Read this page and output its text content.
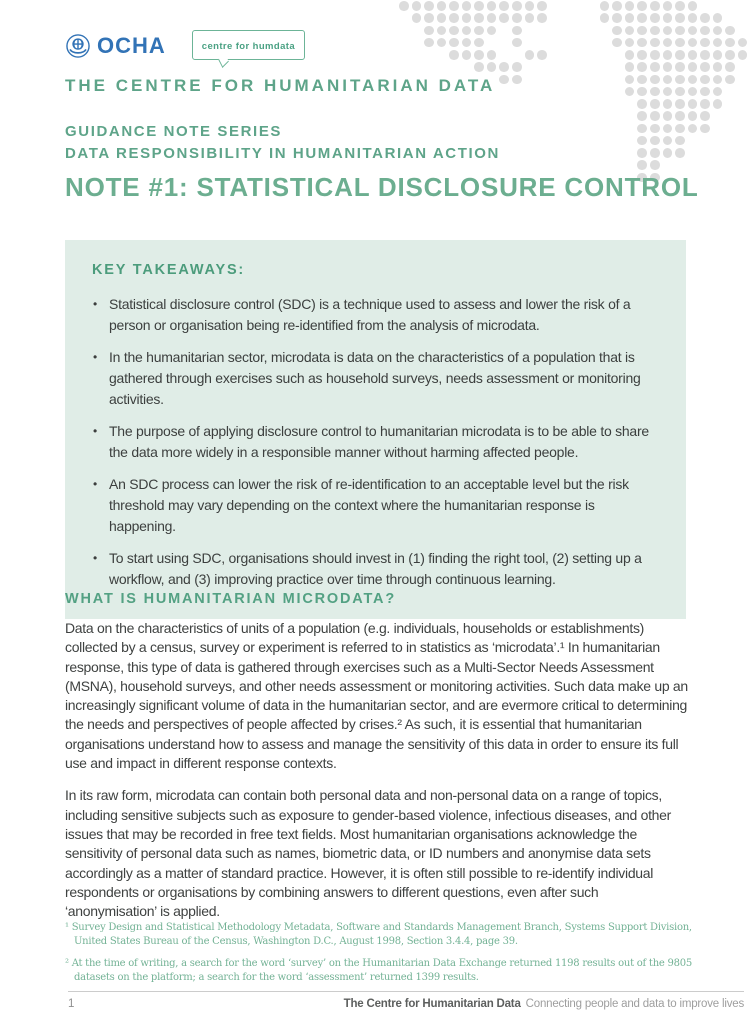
OCHA	centre for humdata
THE CENTRE FOR HUMANITARIAN DATA
GUIDANCE NOTE SERIES
DATA RESPONSIBILITY IN HUMANITARIAN ACTION
NOTE #1: STATISTICAL DISCLOSURE CONTROL
KEY TAKEAWAYS:
• Statistical disclosure control (SDC) is a technique used to assess and lower the risk of a person or organisation being re-identified from the analysis of microdata.
• In the humanitarian sector, microdata is data on the characteristics of a population that is gathered through exercises such as household surveys, needs assessment or monitoring activities.
• The purpose of applying disclosure control to humanitarian microdata is to be able to share the data more widely in a responsible manner without harming affected people.
• An SDC process can lower the risk of re-identification to an acceptable level but the risk threshold may vary depending on the context where the humanitarian response is happening.
• To start using SDC, organisations should invest in (1) finding the right tool, (2) setting up a workflow, and (3) improving practice over time through continuous learning.
WHAT IS HUMANITARIAN MICRODATA?

Data on the characteristics of units of a population (e.g. individuals, households or establishments) collected by a census, survey or experiment is referred to in statistics as ‘microdata’.¹ In humanitarian response, this type of data is gathered through exercises such as a Multi-Sector Needs Assessment (MSNA), household surveys, and other needs assessment or monitoring activities. Such data make up an increasingly significant volume of data in the humanitarian sector, and are evermore critical to determining the needs and perspectives of people affected by crises.² As such, it is essential that humanitarian organisations understand how to assess and manage the sensitivity of this data in order to ensure its full use and impact in different response contexts.

In its raw form, microdata can contain both personal data and non-personal data on a range of topics, including sensitive subjects such as exposure to gender-based violence, infectious diseases, and other issues that may be recorded in free text fields. Most humanitarian organisations acknowledge the sensitivity of personal data such as names, biometric data, or ID numbers and anonymise data sets accordingly as a matter of standard practice. However, it is often still possible to re-identify individual respondents or organisations by combining answers to different questions, even after such ‘anonymisation’ is applied.

¹ Survey Design and Statistical Methodology Metadata, Software and Standards Management Branch, Systems Support Division, United States Bureau of the Census, Washington D.C., August 1998, Section 3.4.4, page 39.
² At the time of writing, a search for the word ‘survey’ on the Humanitarian Data Exchange returned 1198 results out of the 9805 datasets on the platform; a search for the word ‘assessment’ returned 1399 results.
1	The Centre for Humanitarian Data Connecting people and data to improve lives
